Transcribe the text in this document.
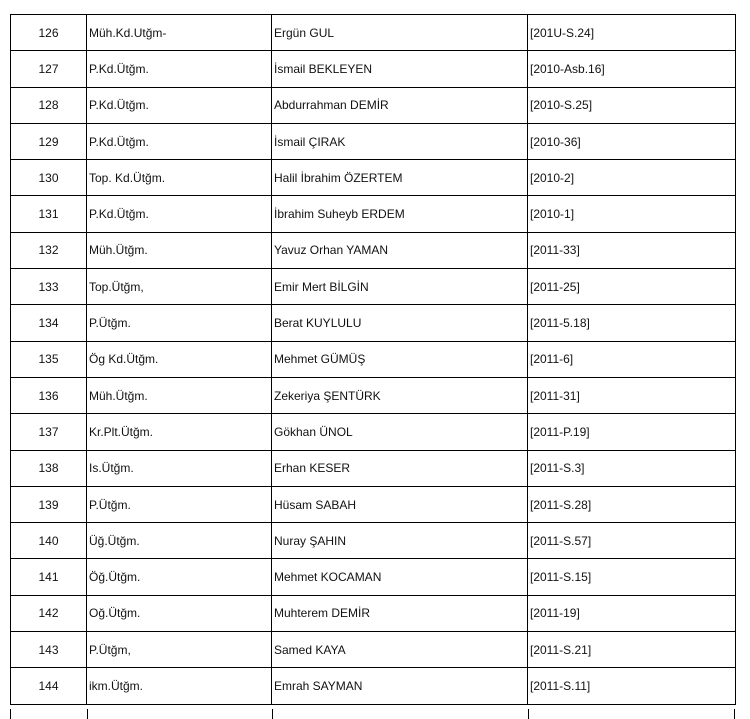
126	Müh.Kd.Utğm-	Ergün GUL	[201U-S.24]
127	P.Kd.Ütğm.	İsmail BEKLEYEN	[2010-Asb.16]
128	P.Kd.Ütğm.	Abdurrahman DEMİR	[2010-S.25]
129	P.Kd.Ütğm.	İsmail ÇIRAK	[2010-36]
130	Top. Kd.Ütğm.	Halil İbrahim ÖZERTEM	[2010-2]
131	P.Kd.Ütğm.	İbrahim Suheyb ERDEM	[2010-1]
132	Müh.Ütğm.	Yavuz Orhan YAMAN	[2011-33]
133	Top.Ütğm,	Emir Mert BİLGİN	[2011-25]
134	P.Ütğm.	Berat KUYLULU	[2011-5.18]
135	Ög Kd.Ütğm.	Mehmet GÜMÜŞ	[2011-6]
136	Müh.Ütğm.	Zekeriya ŞENTÜRK	[2011-31]
137	Kr.Plt.Ütğm.	Gökhan ÜNOL	[2011-P.19]
138	Is.Ütğm.	Erhan KESER	[2011-S.3]
139	P.Ütğm.	Hüsam SABAH	[2011-S.28]
140	Üğ.Ütğm.	Nuray ŞAHIN	[2011-S.57]
141	Öğ.Ütğm.	Mehmet KOCAMAN	[2011-S.15]
142	Oğ.Ütğm.	Muhterem DEMİR	[2011-19]
143	P.Ütğm,	Samed KAYA	[2011-S.21]
144	ikm.Ütğm.	Emrah SAYMAN	[2011-S.11]
